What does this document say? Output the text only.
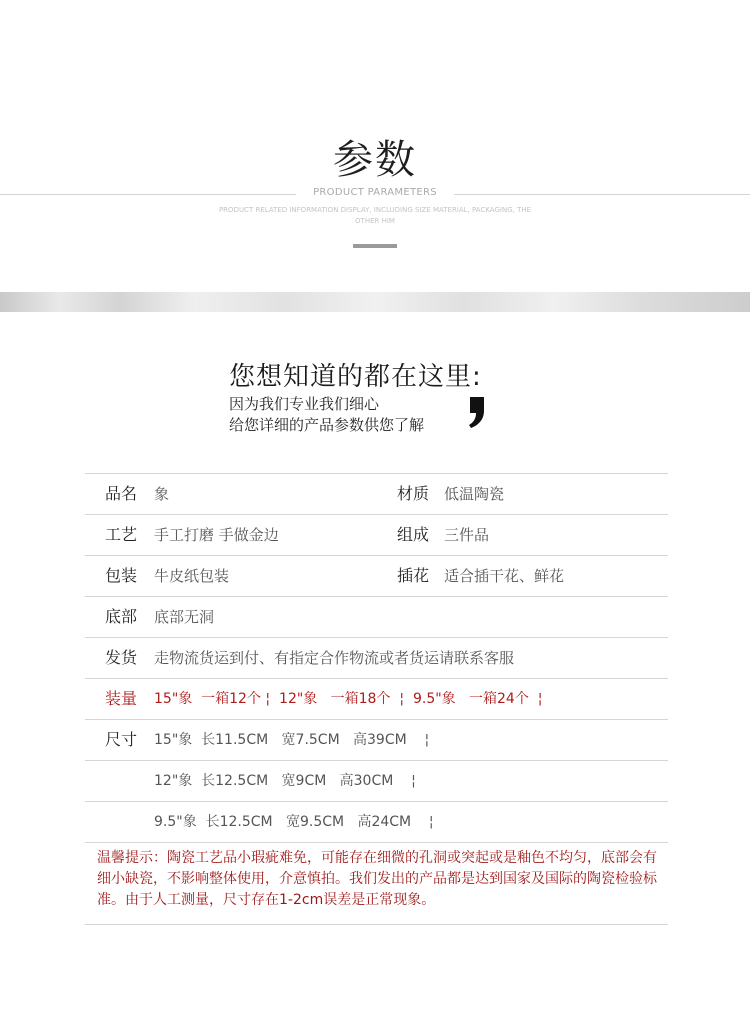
参数
PRODUCT PARAMETERS
PRODUCT RELATED INFORMATION DISPLAY, INCLUDING SIZE MATERIAL, PACKAGING, THE OTHER HIM
您想知道的都在这里:
因为我们专业我们细心
给您详细的产品参数供您了解
品名 象	材质 低温陶瓷
工艺 手工打磨 手做金边	组成 三件品
包装 牛皮纸包装	插花 适合插干花、鲜花
底部 底部无洞
发货 走物流货运到付、有指定合作物流或者货运请联系客服
装量 15"象  一箱12个 ¦  12"象   一箱18个  ¦  9.5"象   一箱24个  ¦
尺寸 15"象  长11.5CM   宽7.5CM   高39CM    ¦
12"象  长12.5CM   宽9CM   高30CM    ¦
9.5"象  长12.5CM   宽9.5CM   高24CM    ¦
温馨提示：陶瓷工艺品小瑕疵难免，可能存在细微的孔洞或突起或是釉色不均匀，底部会有细小缺瓷，不影响整体使用，介意慎拍。我们发出的产品都是达到国家及国际的陶瓷检验标准。由于人工测量，尺寸存在1-2cm误差是正常现象。
